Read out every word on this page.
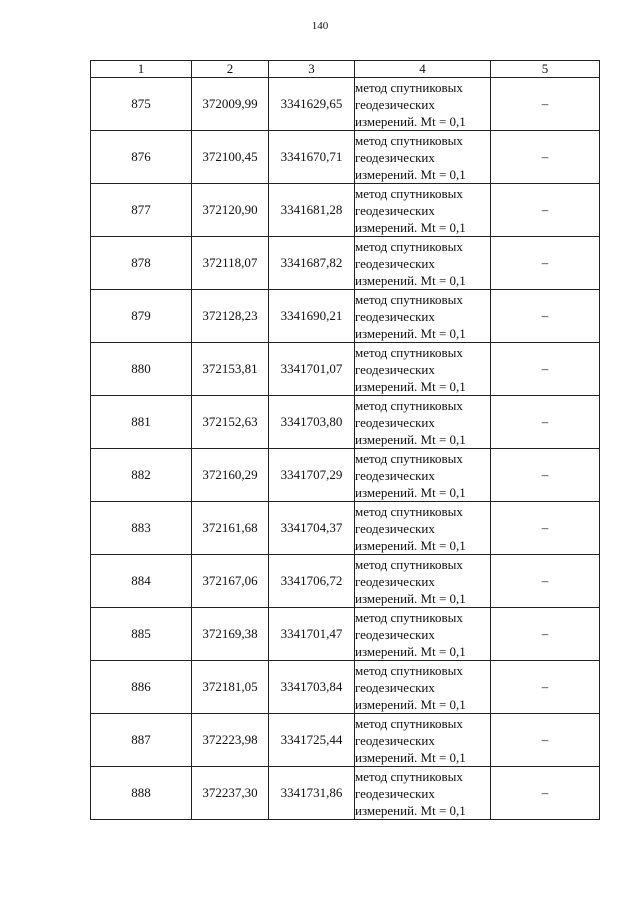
140
1	2	3	4	5
875	372009,99	3341629,65	метод спутниковых
геодезических
измерений. Mt = 0,1	–
876	372100,45	3341670,71	метод спутниковых
геодезических
измерений. Mt = 0,1	–
877	372120,90	3341681,28	метод спутниковых
геодезических
измерений. Mt = 0,1	–
878	372118,07	3341687,82	метод спутниковых
геодезических
измерений. Mt = 0,1	–
879	372128,23	3341690,21	метод спутниковых
геодезических
измерений. Mt = 0,1	–
880	372153,81	3341701,07	метод спутниковых
геодезических
измерений. Mt = 0,1	–
881	372152,63	3341703,80	метод спутниковых
геодезических
измерений. Mt = 0,1	–
882	372160,29	3341707,29	метод спутниковых
геодезических
измерений. Mt = 0,1	–
883	372161,68	3341704,37	метод спутниковых
геодезических
измерений. Mt = 0,1	–
884	372167,06	3341706,72	метод спутниковых
геодезических
измерений. Mt = 0,1	–
885	372169,38	3341701,47	метод спутниковых
геодезических
измерений. Mt = 0,1	–
886	372181,05	3341703,84	метод спутниковых
геодезических
измерений. Mt = 0,1	–
887	372223,98	3341725,44	метод спутниковых
геодезических
измерений. Mt = 0,1	–
888	372237,30	3341731,86	метод спутниковых
геодезических
измерений. Mt = 0,1	–
